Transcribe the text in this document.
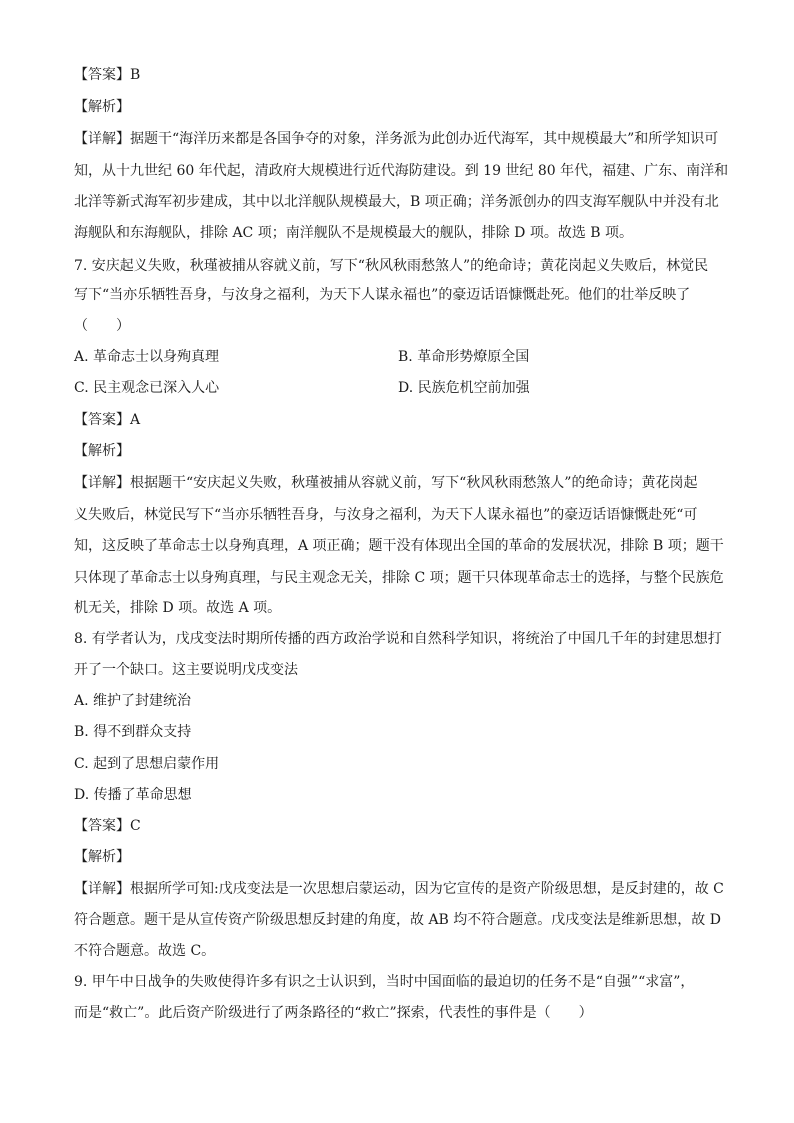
【答案】B
【解析】
【详解】据题干“海洋历来都是各国争夺的对象，洋务派为此创办近代海军，其中规模最大”和所学知识可
知，从十九世纪 60 年代起，清政府大规模进行近代海防建设。到 19 世纪 80 年代，福建、广东、南洋和
北洋等新式海军初步建成，其中以北洋舰队规模最大，B 项正确；洋务派创办的四支海军舰队中并没有北
海舰队和东海舰队，排除 AC 项；南洋舰队不是规模最大的舰队，排除 D 项。故选 B 项。
7. 安庆起义失败，秋瑾被捕从容就义前，写下“秋风秋雨愁煞人”的绝命诗；黄花岗起义失败后，林觉民
写下“当亦乐牺牲吾身，与汝身之福利，为天下人谋永福也”的豪迈话语慷慨赴死。他们的壮举反映了
（　　）
A. 革命志士以身殉真理	B. 革命形势燎原全国
C. 民主观念已深入人心	D. 民族危机空前加强
【答案】A
【解析】
【详解】根据题干“安庆起义失败，秋瑾被捕从容就义前，写下“秋风秋雨愁煞人”的绝命诗；黄花岗起
义失败后，林觉民写下“当亦乐牺牲吾身，与汝身之福利，为天下人谋永福也”的豪迈话语慷慨赴死“可
知，这反映了革命志士以身殉真理，A 项正确；题干没有体现出全国的革命的发展状况，排除 B 项；题干
只体现了革命志士以身殉真理，与民主观念无关，排除 C 项；题干只体现革命志士的选择，与整个民族危
机无关，排除 D 项。故选 A 项。
8. 有学者认为，戊戌变法时期所传播的西方政治学说和自然科学知识，将统治了中国几千年的封建思想打
开了一个缺口。这主要说明戊戌变法
A. 维护了封建统治
B. 得不到群众支持
C. 起到了思想启蒙作用
D. 传播了革命思想
【答案】C
【解析】
【详解】根据所学可知:戊戌变法是一次思想启蒙运动，因为它宣传的是资产阶级思想，是反封建的，故 C
符合题意。题干是从宣传资产阶级思想反封建的角度，故 AB 均不符合题意。戊戌变法是维新思想，故 D
不符合题意。故选 C。
9. 甲午中日战争的失败使得许多有识之士认识到，当时中国面临的最迫切的任务不是“自强”“求富”，
而是“救亡”。此后资产阶级进行了两条路径的“救亡”探索，代表性的事件是（　　）
